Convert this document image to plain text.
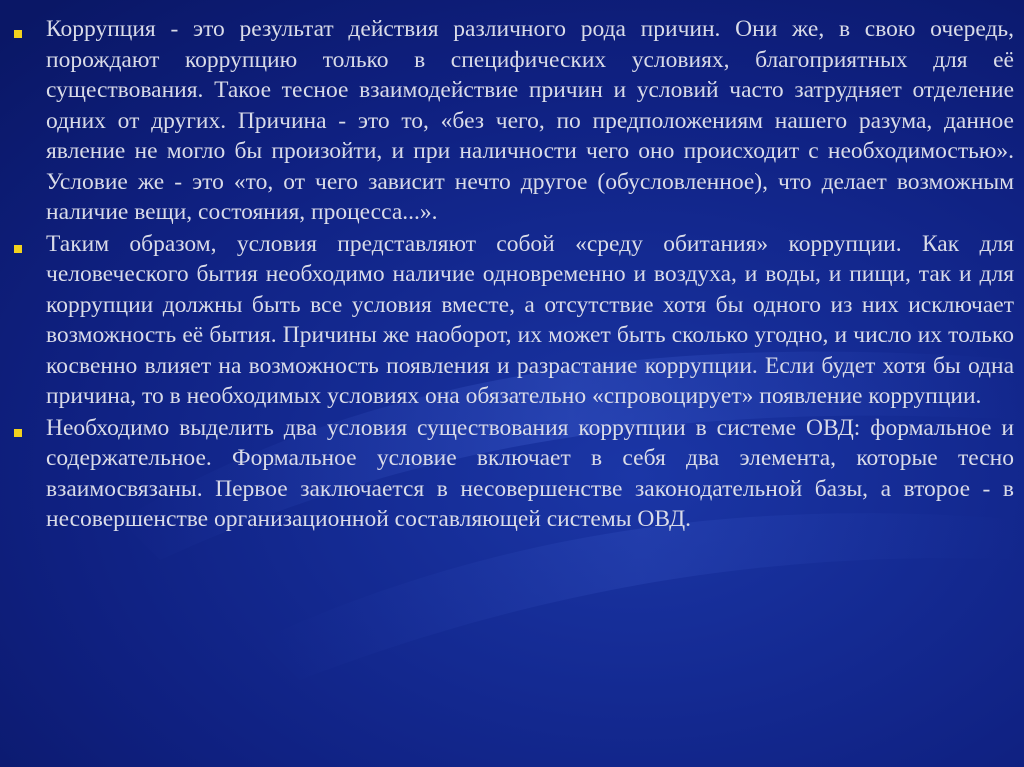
Коррупция - это результат действия различного рода причин. Они же, в свою очередь, порождают коррупцию только в специфических условиях, благоприятных для её существования. Такое тесное взаимодействие причин и условий часто затрудняет отделение одних от других. Причина - это то, «без чего, по предположениям нашего разума, данное явление не могло бы произойти, и при наличности чего оно происходит с необходимостью». Условие же - это «то, от чего зависит нечто другое (обусловленное), что делает возможным наличие вещи, состояния, процесса...».
Таким образом, условия представляют собой «среду обитания» коррупции. Как для человеческого бытия необходимо наличие одновременно и воздуха, и воды, и пищи, так и для коррупции должны быть все условия вместе, а отсутствие хотя бы одного из них исключает возможность её бытия. Причины же наоборот, их может быть сколько угодно, и число их только косвенно влияет на возможность появления и разрастание коррупции. Если будет хотя бы одна причина, то в необходимых условиях она обязательно «спровоцирует» появление коррупции.
Необходимо выделить два условия существования коррупции в системе ОВД: формальное и содержательное. Формальное условие включает в себя два элемента, которые тесно взаимосвязаны. Первое заключается в несовершенстве законодательной базы, а второе - в несовершенстве организационной составляющей системы ОВД.
